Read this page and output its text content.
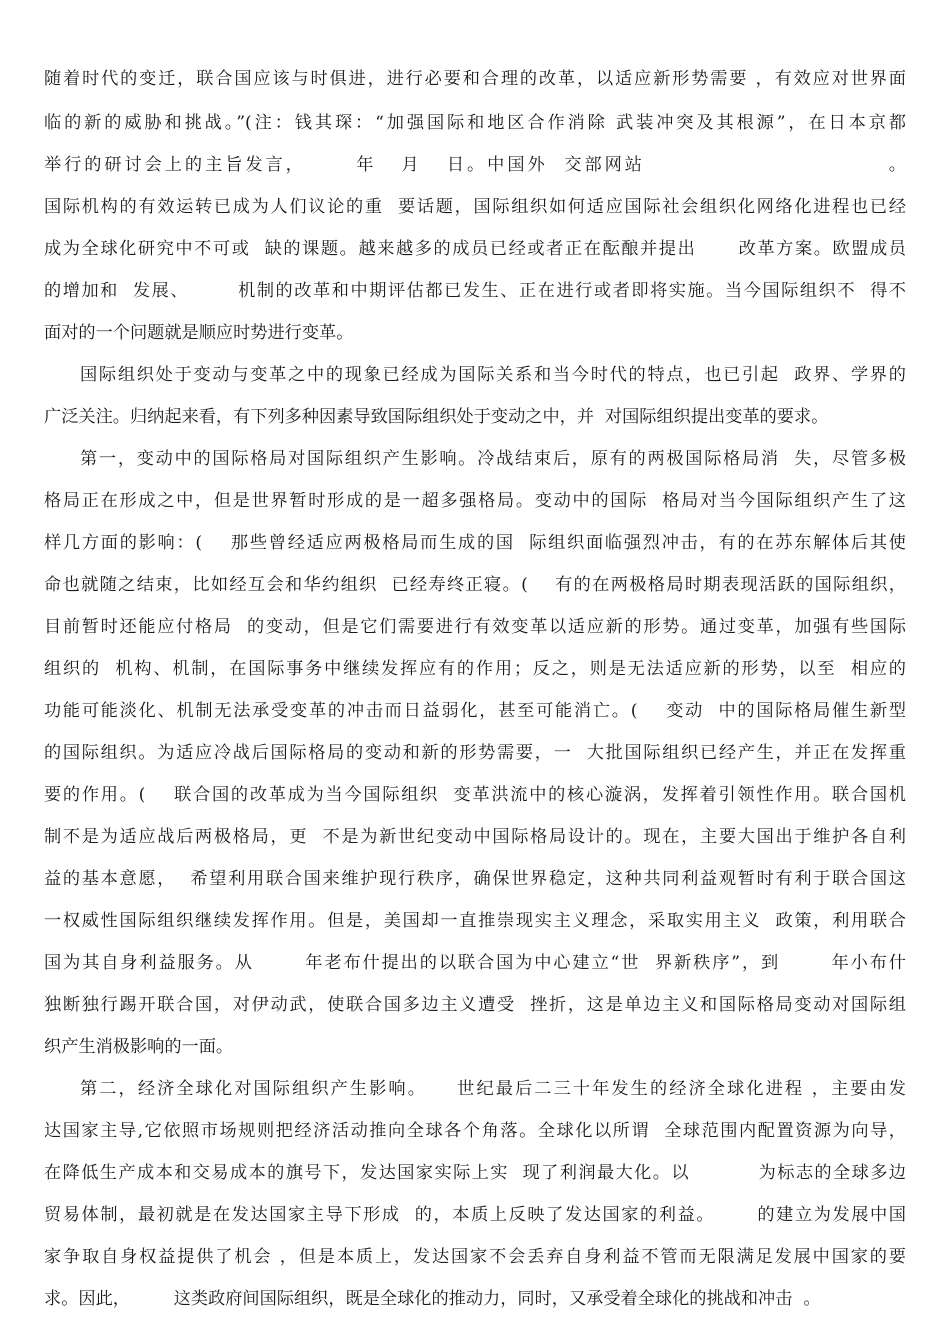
随着时代的变迁，联合国应该与时俱进，进行必要和合理的改革，以适应新形势需要 ，有效应对世界面
临的新的威胁和挑战。”(注：钱其琛：“加强国际和地区合作消除 武装冲突及其根源”，在日本京都
举行的研讨会上的主旨发言，      年   月   日。中国外  交部网站                             。
国际机构的有效运转已成为人们议论的重  要话题，国际组织如何适应国际社会组织化网络化进程也已经
成为全球化研究中不可或  缺的课题。越来越多的成员已经或者正在酝酿并提出      改革方案。欧盟成员
的增加和  发展、       机制的改革和中期评估都已发生、正在进行或者即将实施。当今国际组织不  得不
面对的一个问题就是顺应时势进行变革。
国际组织处于变动与变革之中的现象已经成为国际关系和当今时代的特点，也已引起  政界、学界的
广泛关注。归纳起来看，有下列多种因素导致国际组织处于变动之中，并  对国际组织提出变革的要求。
第一，变动中的国际格局对国际组织产生影响。冷战结束后，原有的两极国际格局消  失，尽管多极
格局正在形成之中，但是世界暂时形成的是一超多强格局。变动中的国际  格局对当今国际组织产生了这
样几方面的影响：(    那些曾经适应两极格局而生成的国  际组织面临强烈冲击，有的在苏东解体后其使
命也就随之结束，比如经互会和华约组织  已经寿终正寝。(    有的在两极格局时期表现活跃的国际组织，
目前暂时还能应付格局  的变动，但是它们需要进行有效变革以适应新的形势。通过变革，加强有些国际
组织的  机构、机制，在国际事务中继续发挥应有的作用；反之，则是无法适应新的形势，以至  相应的
功能可能淡化、机制无法承受变革的冲击而日益弱化，甚至可能消亡。(    变动  中的国际格局催生新型
的国际组织。为适应冷战后国际格局的变动和新的形势需要，一  大批国际组织已经产生，并正在发挥重
要的作用。(    联合国的改革成为当今国际组织  变革洪流中的核心漩涡，发挥着引领性作用。联合国机
制不是为适应战后两极格局，更  不是为新世纪变动中国际格局设计的。现在，主要大国出于维护各自利
益的基本意愿，  希望利用联合国来维护现行秩序，确保世界稳定，这种共同利益观暂时有利于联合国这
一权威性国际组织继续发挥作用。但是，美国却一直推崇现实主义理念，采取实用主义  政策，利用联合
国为其自身利益服务。从       年老布什提出的以联合国为中心建立“世  界新秩序”，到       年小布什
独断独行踢开联合国，对伊动武，使联合国多边主义遭受  挫折，这是单边主义和国际格局变动对国际组
织产生消极影响的一面。
第二，经济全球化对国际组织产生影响。    世纪最后二三十年发生的经济全球化进程 ，主要由发
达国家主导,它依照市场规则把经济活动推向全球各个角落。全球化以所谓  全球范围内配置资源为向导，
在降低生产成本和交易成本的旗号下，发达国家实际上实  现了利润最大化。以          为标志的全球多边
贸易体制，最初就是在发达国家主导下形成  的，本质上反映了发达国家的利益。      的建立为发展中国
家争取自身权益提供了机会 ，但是本质上，发达国家不会丢弃自身利益不管而无限满足发展中国家的要
求。因此，        这类政府间国际组织，既是全球化的推动力，同时，又承受着全球化的挑战和冲击  。
